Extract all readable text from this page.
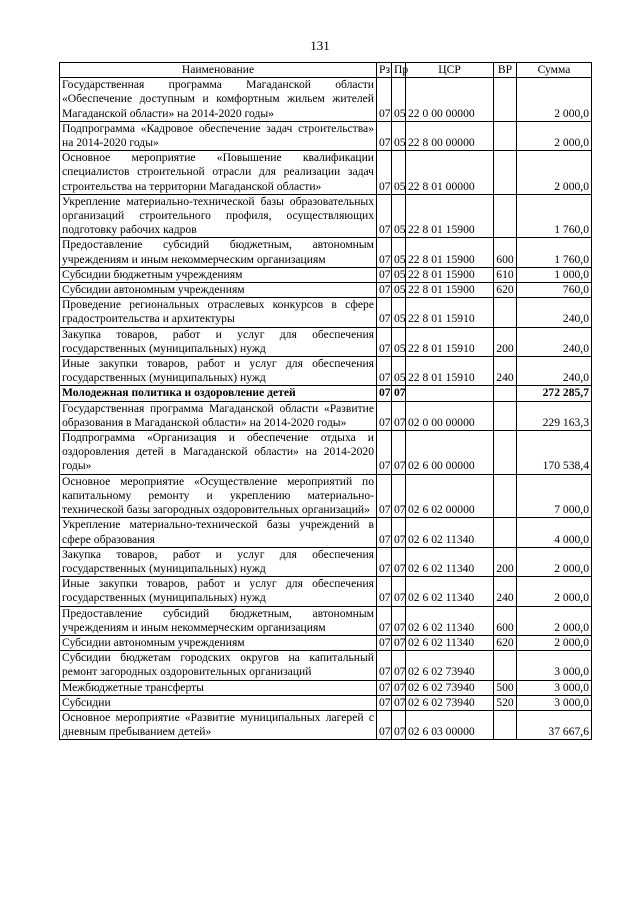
131
Наименование	Рз	Пр	ЦСР	ВР	Сумма
Государственная программа Магаданской области «Обеспечение доступным и комфортным жильем жителей Магаданской области» на 2014-2020 годы»	07	05	22 0 00 00000		2 000,0
Подпрограмма «Кадровое обеспечение задач строительства» на 2014-2020 годы»	07	05	22 8 00 00000		2 000,0
Основное мероприятие «Повышение квалификации специалистов строительной отрасли для реализации задач строительства на территории Магаданской области»	07	05	22 8 01 00000		2 000,0
Укрепление материально-технической базы образовательных организаций строительного профиля, осуществляющих подготовку рабочих кадров	07	05	22 8 01 15900		1 760,0
Предоставление субсидий бюджетным, автономным учреждениям и иным некоммерческим организациям	07	05	22 8 01 15900	600	1 760,0
Субсидии бюджетным учреждениям	07	05	22 8 01 15900	610	1 000,0
Субсидии автономным учреждениям	07	05	22 8 01 15900	620	760,0
Проведение региональных отраслевых конкурсов в сфере градостроительства и архитектуры	07	05	22 8 01 15910		240,0
Закупка товаров, работ и услуг для обеспечения государственных (муниципальных) нужд	07	05	22 8 01 15910	200	240,0
Иные закупки товаров, работ и услуг для обеспечения государственных (муниципальных) нужд	07	05	22 8 01 15910	240	240,0
Молодежная политика и оздоровление детей	07	07			272 285,7
Государственная программа Магаданской области «Развитие образования в Магаданской области» на 2014-2020 годы»	07	07	02 0 00 00000		229 163,3
Подпрограмма «Организация и обеспечение отдыха и оздоровления детей в Магаданской области» на 2014-2020 годы»	07	07	02 6 00 00000		170 538,4
Основное мероприятие «Осуществление мероприятий по капитальному ремонту и укреплению материально-технической базы загородных оздоровительных организаций»	07	07	02 6 02 00000		7 000,0
Укрепление материально-технической базы учреждений в сфере образования	07	07	02 6 02 11340		4 000,0
Закупка товаров, работ и услуг для обеспечения государственных (муниципальных) нужд	07	07	02 6 02 11340	200	2 000,0
Иные закупки товаров, работ и услуг для обеспечения государственных (муниципальных) нужд	07	07	02 6 02 11340	240	2 000,0
Предоставление субсидий бюджетным, автономным учреждениям и иным некоммерческим организациям	07	07	02 6 02 11340	600	2 000,0
Субсидии автономным учреждениям	07	07	02 6 02 11340	620	2 000,0
Субсидии бюджетам городских округов на капитальный ремонт загородных оздоровительных организаций	07	07	02 6 02 73940		3 000,0
Межбюджетные трансферты	07	07	02 6 02 73940	500	3 000,0
Субсидии	07	07	02 6 02 73940	520	3 000,0
Основное мероприятие «Развитие муниципальных лагерей с дневным пребыванием детей»	07	07	02 6 03 00000		37 667,6
